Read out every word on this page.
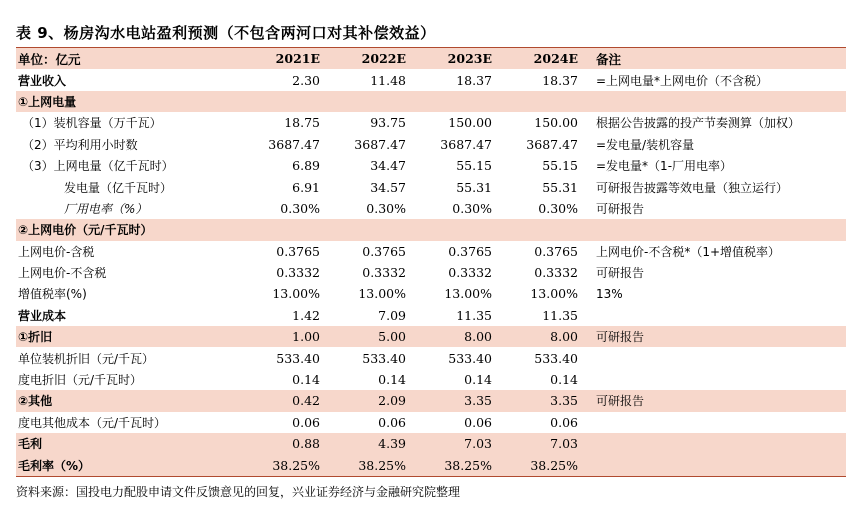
表 9、杨房沟水电站盈利预测（不包含两河口对其补偿效益）
单位：亿元	2021E	2022E	2023E	2024E	备注
营业收入	2.30	11.48	18.37	18.37	=上网电量*上网电价（不含税）
①上网电量					
（1）装机容量（万千瓦）	18.75	93.75	150.00	150.00	根据公告披露的投产节奏测算（加权）
（2）平均利用小时数	3687.47	3687.47	3687.47	3687.47	=发电量/装机容量
（3）上网电量（亿千瓦时）	6.89	34.47	55.15	55.15	=发电量*（1-厂用电率）
发电量（亿千瓦时）	6.91	34.57	55.31	55.31	可研报告披露等效电量（独立运行）
厂用电率（%）	0.30%	0.30%	0.30%	0.30%	可研报告
②上网电价（元/千瓦时）					
上网电价-含税	0.3765	0.3765	0.3765	0.3765	上网电价-不含税*（1+增值税率）
上网电价-不含税	0.3332	0.3332	0.3332	0.3332	可研报告
增值税率(%)	13.00%	13.00%	13.00%	13.00%	13%
营业成本	1.42	7.09	11.35	11.35	
①折旧	1.00	5.00	8.00	8.00	可研报告
单位装机折旧（元/千瓦）	533.40	533.40	533.40	533.40	
度电折旧（元/千瓦时）	0.14	0.14	0.14	0.14	
②其他	0.42	2.09	3.35	3.35	可研报告
度电其他成本（元/千瓦时）	0.06	0.06	0.06	0.06	
毛利	0.88	4.39	7.03	7.03	
毛利率（%）	38.25%	38.25%	38.25%	38.25%	
资料来源：国投电力配股申请文件反馈意见的回复，兴业证券经济与金融研究院整理
